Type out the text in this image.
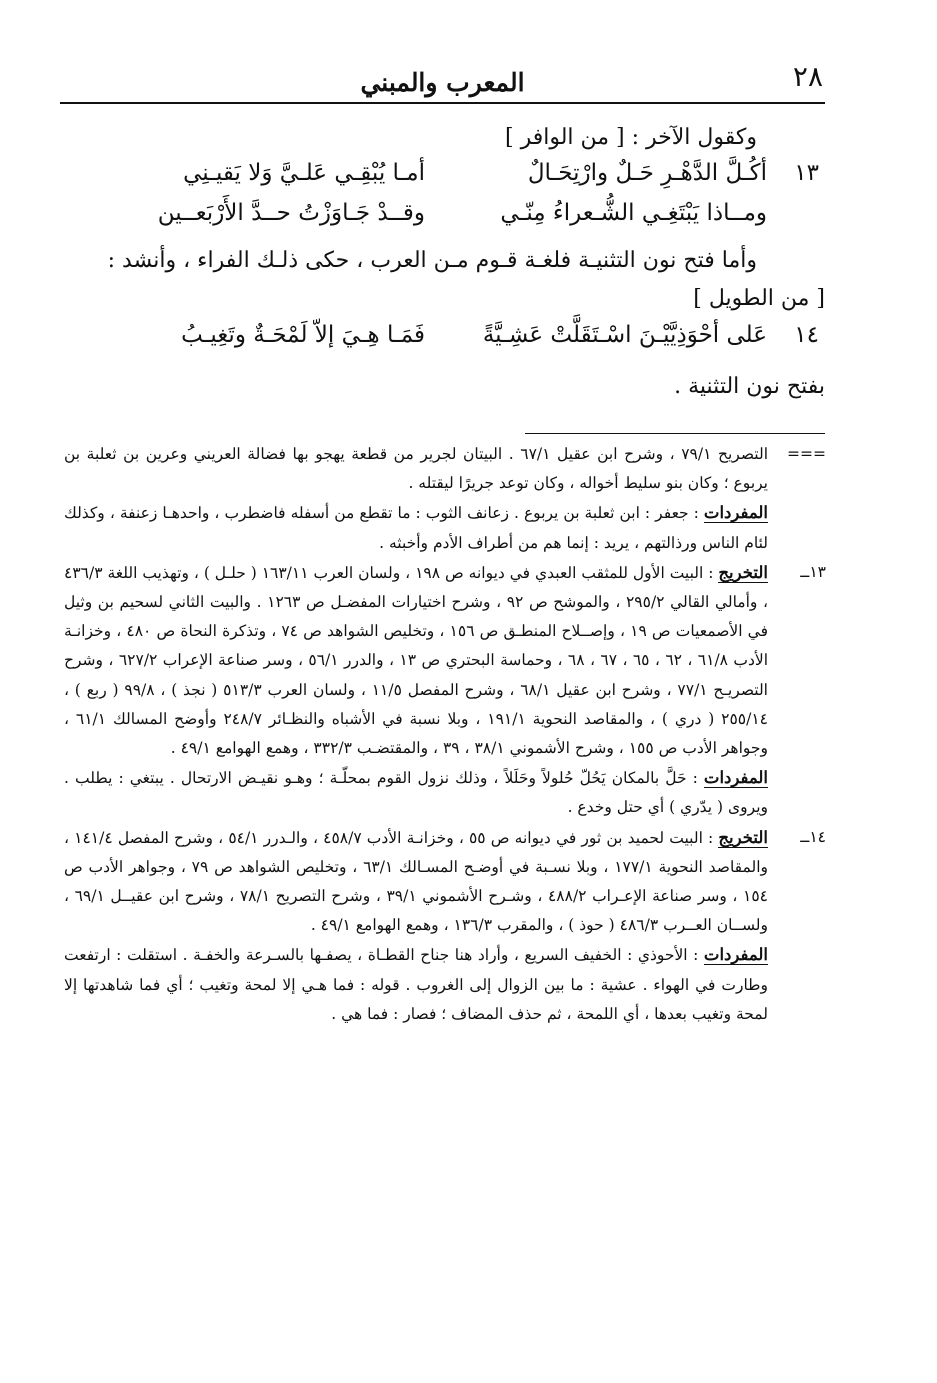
٢٨
المعرب والمبني

وكقول الآخر : [ من الوافر ]

١٣
أكُـلَّ الدَّهْـرِ حَـلٌ وارْتِحَـالٌ
أمـا يُبْقِـي عَلـيَّ وَلا يَقيـنِي
ومــاذا يَبْتَغِـي الشُّـعراءُ مِنّـي
وقــدْ جَـاوَزْتُ حــدَّ الأَرْبَعــين

وأما فتح نون التثنيـة فلغـة قـوم مـن العرب ، حكى ذلـك الفراء ، وأنشد :

[ من الطويل ]

١٤
عَلى أحْوَذِيَّيْـنَ اسْـتَقَلَّتْ عَشِـيَّةً
فَمَـا هِـيَ إلاّ لَمْحَـةٌ وتَغِيـبُ

بفتح نون التثنية .

===
التصريح ٧٩/١ ، وشرح ابن عقيل ٦٧/١ . البيتان لجرير من قطعة يهجو بها فضالة العريني وعرين بن ثعلبة بن يربوع ؛ وكان بنو سليط أخواله ، وكان توعد جريرًا ليقتله .
المفردات : جعفر : ابن ثعلبة بن يربوع . زعانف الثوب : ما تقطع من أسفله فاضطرب ، واحدهـا زعنفة ، وكذلك لئام الناس ورذالتهم ، يريد : إنما هم من أطراف الأدم وأخبثه .
١٣ــ
التخريج : البيت الأول للمثقب العبدي في ديوانه ص ١٩٨ ، ولسان العرب ١٦٣/١١ ( حلـل ) ، وتهذيب اللغة ٤٣٦/٣ ، وأمالي القالي ٢٩٥/٢ ، والموشح ص ٩٢ ، وشرح اختيارات المفضـل ص ١٢٦٣ . والبيت الثاني لسحيم بن وثيل في الأصمعيات ص ١٩ ، وإصــلاح المنطـق ص ١٥٦ ، وتخليص الشواهد ص ٧٤ ، وتذكرة النحاة ص ٤٨٠ ، وخزانـة الأدب ٦١/٨ ، ٦٢ ، ٦٥ ، ٦٧ ، ٦٨ ، وحماسة البحتري ص ١٣ ، والدرر ٥٦/١ ، وسر صناعة الإعراب ٦٢٧/٢ ، وشرح التصريـح ٧٧/١ ، وشرح ابن عقيل ٦٨/١ ، وشرح المفصل ١١/٥ ، ولسان العرب ٥١٣/٣ ( نجذ ) ، ٩٩/٨ ( ربع ) ، ٢٥٥/١٤ ( دري ) ، والمقاصد النحوية ١٩١/١ ، وبلا نسبة في الأشباه والنظـائر ٢٤٨/٧ وأوضح المسالك ٦١/١ ، وجواهر الأدب ص ١٥٥ ، وشرح الأشموني ٣٨/١ ، ٣٩ ، والمقتضـب ٣٣٢/٣ ، وهمع الهوامع ٤٩/١ .
المفردات : حَلَّ بالمكان يَحُلّ حُلولاً وحَلَلاً ، وذلك نزول القوم بمحلّـة ؛ وهـو نقيـض الارتحال . يبتغي : يطلب . ويروى ( يدّري ) أي حتل وخدع .
١٤ــ
التخريج : البيت لحميد بن ثور في ديوانه ص ٥٥ ، وخزانـة الأدب ٤٥٨/٧ ، والـدرر ٥٤/١ ، وشرح المفصل ١٤١/٤ ، والمقاصد النحوية ١٧٧/١ ، وبلا نسـبة في أوضـح المسـالك ٦٣/١ ، وتخليص الشواهد ص ٧٩ ، وجواهر الأدب ص ١٥٤ ، وسر صناعة الإعـراب ٤٨٨/٢ ، وشـرح الأشموني ٣٩/١ ، وشرح التصريح ٧٨/١ ، وشرح ابن عقيــل ٦٩/١ ، ولســان العــرب ٤٨٦/٣ ( حوذ ) ، والمقرب ١٣٦/٣ ، وهمع الهوامع ٤٩/١ .
المفردات : الأحوذي : الخفيف السريع ، وأراد هنا جناح القطـاة ، يصفـها بالسـرعة والخفـة . استقلت : ارتفعت وطارت في الهواء . عشية : ما بين الزوال إلى الغروب . قوله : فما هـي إلا لمحة وتغيب ؛ أي فما شاهدتها إلا لمحة وتغيب بعدها ، أي اللمحة ، ثم حذف المضاف ؛ فصار : فما هي .
